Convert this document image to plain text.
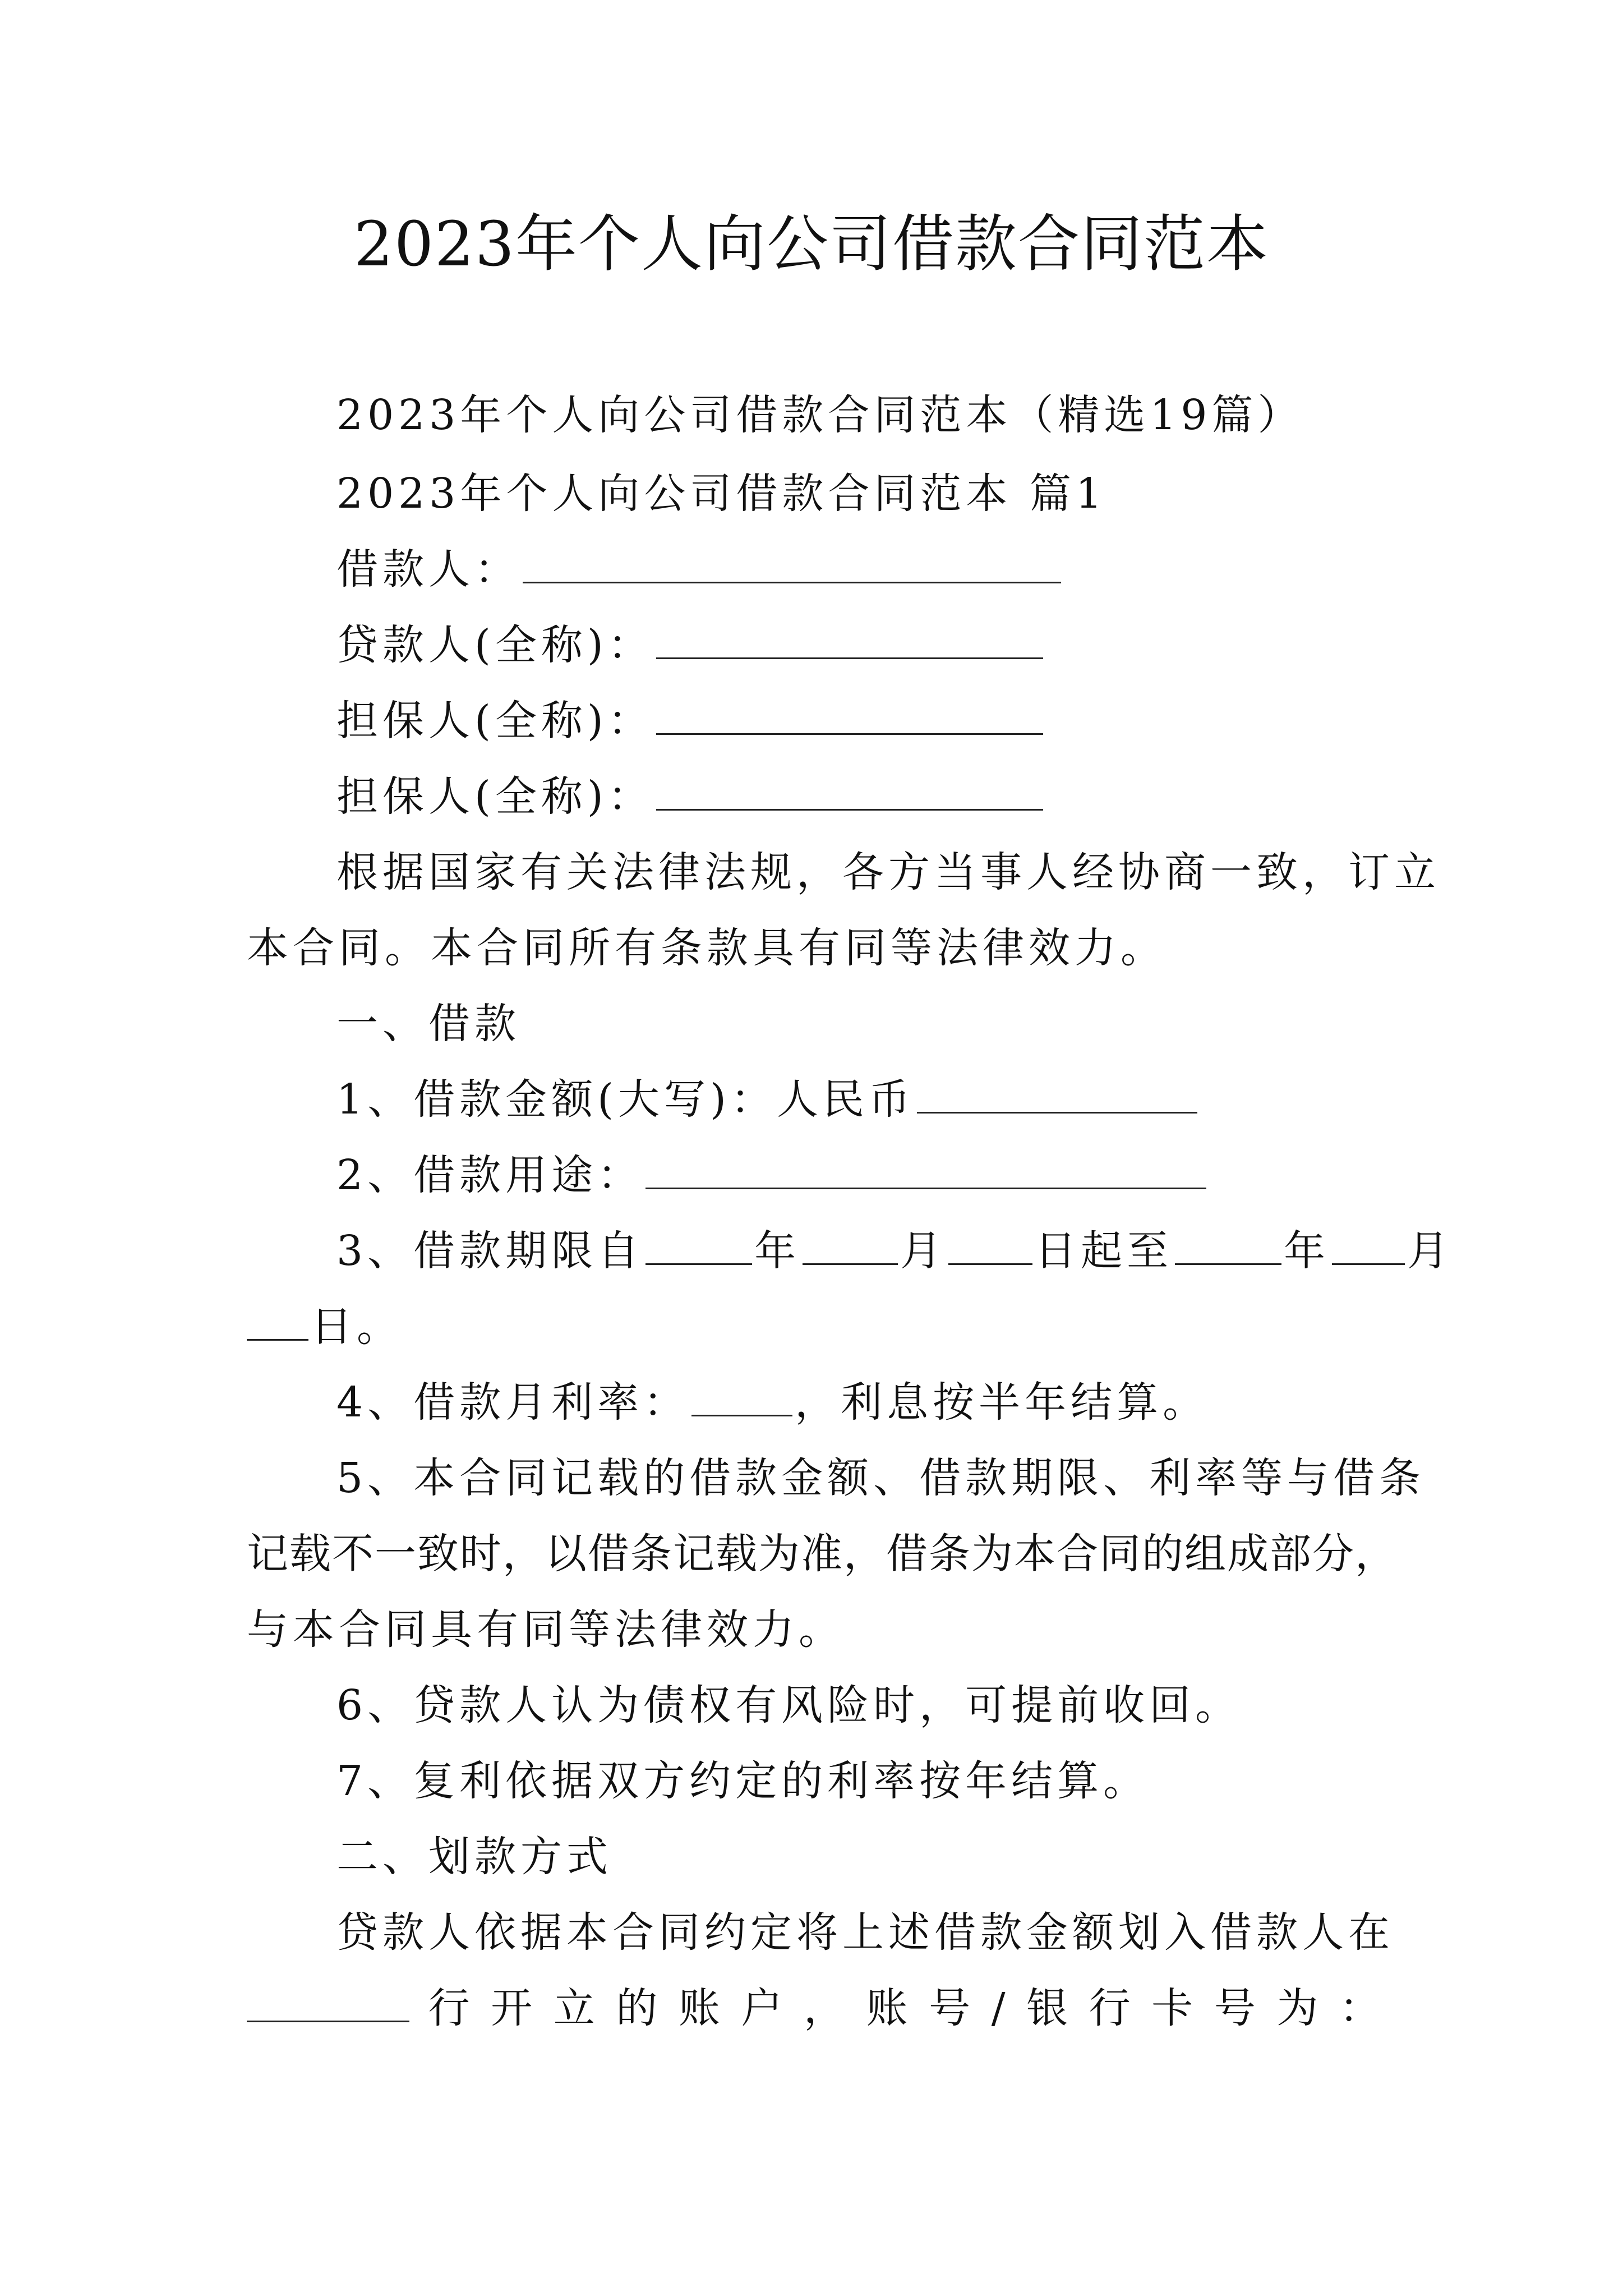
2023年个人向公司借款合同范本
2023年个人向公司借款合同范本（精选19篇）
2023年个人向公司借款合同范本 篇1
借款人：
贷款人(全称)：
担保人(全称)：
担保人(全称)：
根据国家有关法律法规，各方当事人经协商一致，订立
本合同。本合同所有条款具有同等法律效力。
一、借款
1、借款金额(大写)：人民币
2、借款用途：
3、借款期限自	年 月 日起至	年 月
日。
4、借款月利率：	，利息按半年结算。
5、本合同记载的借款金额、借款期限、利率等与借条
记载不一致时，以借条记载为准，借条为本合同的组成部分，
与本合同具有同等法律效力。
6、贷款人认为债权有风险时，可提前收回。
7、复利依据双方约定的利率按年结算。
二、划款方式
贷款人依据本合同约定将上述借款金额划入借款人在
行 开 立 的 账 户 ， 账 号 / 银 行 卡 号 为 ：
